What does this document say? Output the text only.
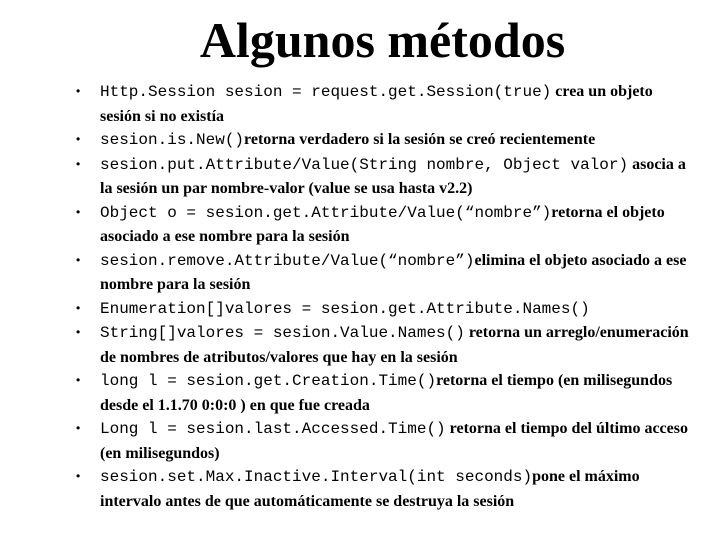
Algunos métodos
• Http.Session sesion = request.get.Session(true) crea un objeto sesión si no existía
• sesion.is.New()retorna verdadero si la sesión se creó recientemente
• sesion.put.Attribute/Value(String nombre, Object valor) asocia a la sesión un par nombre-valor (value se usa hasta v2.2)
• Object o = sesion.get.Attribute/Value(“nombre”)retorna el objeto asociado a ese nombre para la sesión
• sesion.remove.Attribute/Value(“nombre”)elimina el objeto asociado a ese nombre para la sesión
• Enumeration[]valores = sesion.get.Attribute.Names()
• String[]valores = sesion.Value.Names() retorna un arreglo/enumeración de nombres de atributos/valores que hay en la sesión
• long l = sesion.get.Creation.Time()retorna el tiempo (en milisegundos desde el 1.1.70 0:0:0 ) en que fue creada
• Long l = sesion.last.Accessed.Time() retorna el tiempo del último acceso (en milisegundos)
• sesion.set.Max.Inactive.Interval(int seconds)pone el máximo intervalo antes de que automáticamente se destruya la sesión
